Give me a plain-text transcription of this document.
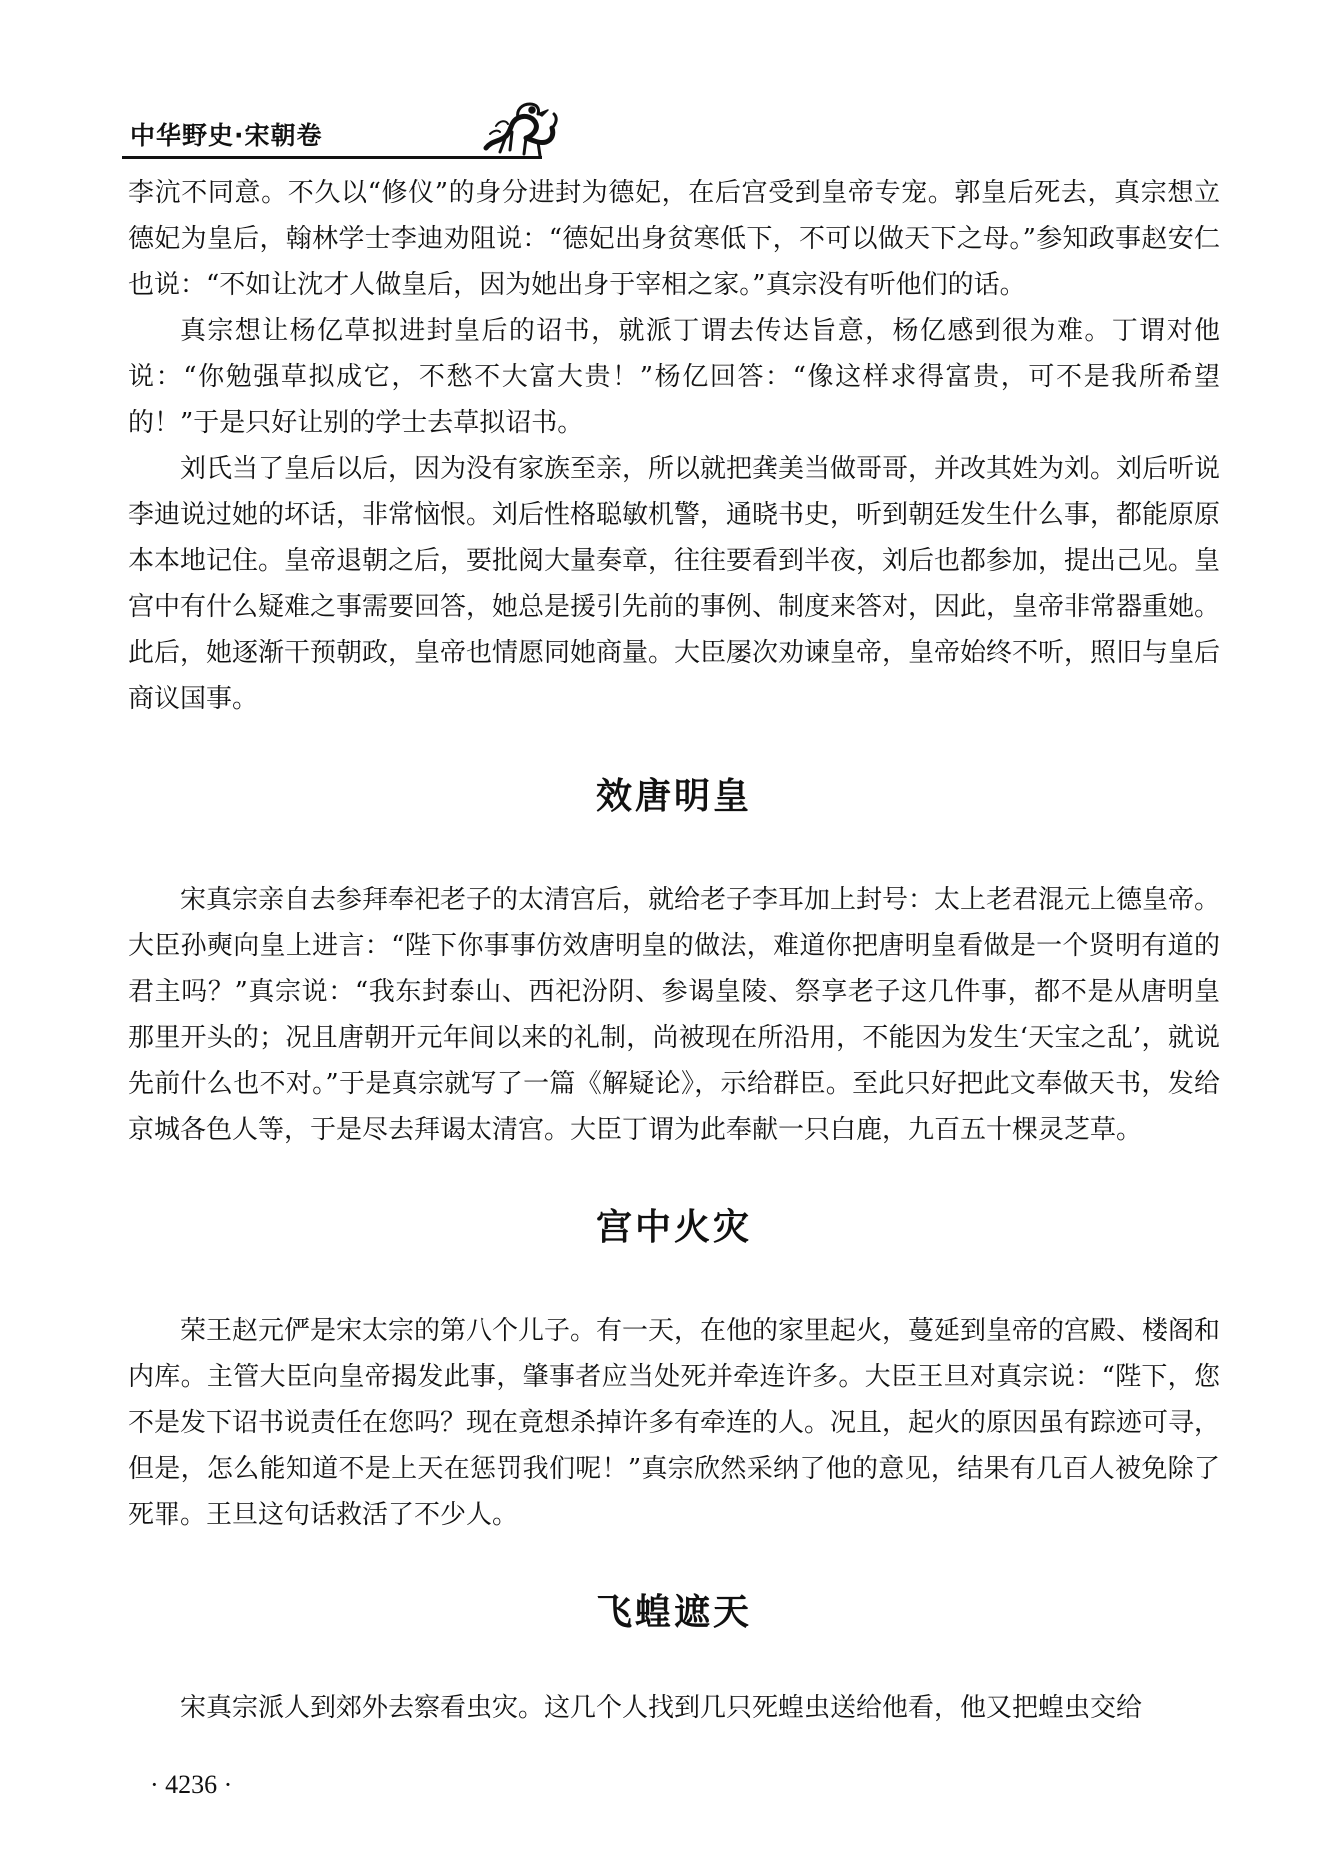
中华野史·宋朝卷

李沆不同意。不久以“修仪”的身分进封为德妃，在后宫受到皇帝专宠。郭皇后死去，真宗想立德妃为皇后，翰林学士李迪劝阻说：“德妃出身贫寒低下，不可以做天下之母。”参知政事赵安仁也说：“不如让沈才人做皇后，因为她出身于宰相之家。”真宗没有听他们的话。

真宗想让杨亿草拟进封皇后的诏书，就派丁谓去传达旨意，杨亿感到很为难。丁谓对他说：“你勉强草拟成它，不愁不大富大贵！”杨亿回答：“像这样求得富贵，可不是我所希望的！”于是只好让别的学士去草拟诏书。

刘氏当了皇后以后，因为没有家族至亲，所以就把龚美当做哥哥，并改其姓为刘。刘后听说李迪说过她的坏话，非常恼恨。刘后性格聪敏机警，通晓书史，听到朝廷发生什么事，都能原原本本地记住。皇帝退朝之后，要批阅大量奏章，往往要看到半夜，刘后也都参加，提出己见。皇宫中有什么疑难之事需要回答，她总是援引先前的事例、制度来答对，因此，皇帝非常器重她。此后，她逐渐干预朝政，皇帝也情愿同她商量。大臣屡次劝谏皇帝，皇帝始终不听，照旧与皇后商议国事。

效唐明皇

宋真宗亲自去参拜奉祀老子的太清宫后，就给老子李耳加上封号：太上老君混元上德皇帝。大臣孙奭向皇上进言：“陛下你事事仿效唐明皇的做法，难道你把唐明皇看做是一个贤明有道的君主吗？”真宗说：“我东封泰山、西祀汾阴、参谒皇陵、祭享老子这几件事，都不是从唐明皇那里开头的；况且唐朝开元年间以来的礼制，尚被现在所沿用，不能因为发生‘天宝之乱’，就说先前什么也不对。”于是真宗就写了一篇《解疑论》，示给群臣。至此只好把此文奉做天书，发给京城各色人等，于是尽去拜谒太清宫。大臣丁谓为此奉献一只白鹿，九百五十棵灵芝草。

宫中火灾

荣王赵元俨是宋太宗的第八个儿子。有一天，在他的家里起火，蔓延到皇帝的宫殿、楼阁和内库。主管大臣向皇帝揭发此事，肇事者应当处死并牵连许多。大臣王旦对真宗说：“陛下，您不是发下诏书说责任在您吗？现在竟想杀掉许多有牵连的人。况且，起火的原因虽有踪迹可寻，但是，怎么能知道不是上天在惩罚我们呢！”真宗欣然采纳了他的意见，结果有几百人被免除了死罪。王旦这句话救活了不少人。

飞蝗遮天

宋真宗派人到郊外去察看虫灾。这几个人找到几只死蝗虫送给他看，他又把蝗虫交给

· 4236 ·
